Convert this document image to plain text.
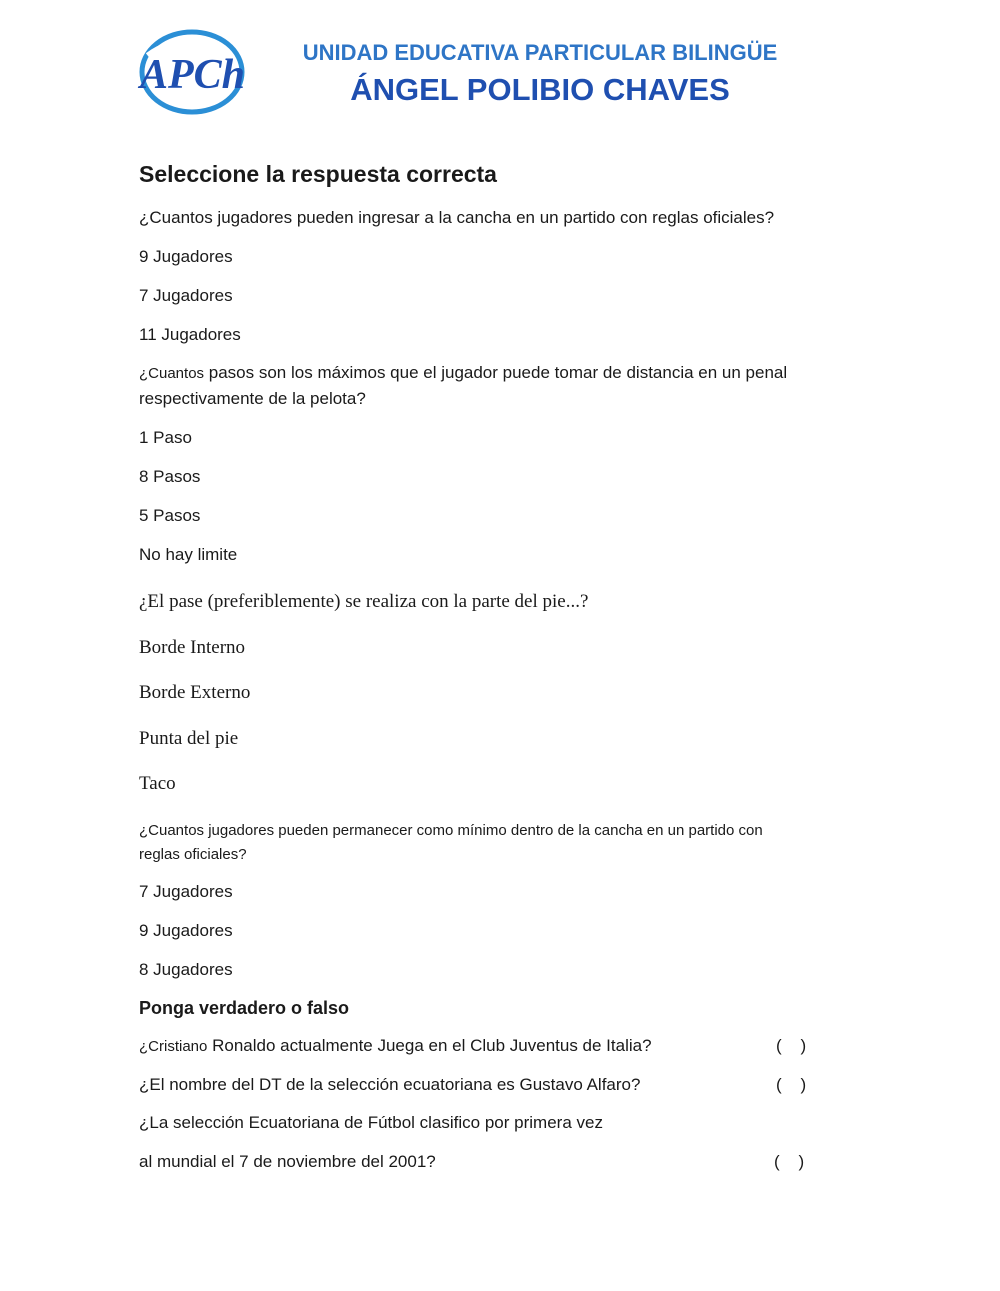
APCh	UNIDAD EDUCATIVA PARTICULAR BILINGÜE
ÁNGEL POLIBIO CHAVES
Seleccione la respuesta correcta
¿Cuantos jugadores pueden ingresar a la cancha en un partido con reglas oficiales?
9 Jugadores
7 Jugadores
11 Jugadores
¿Cuantos pasos son los máximos que el jugador puede tomar de distancia en un penal
respectivamente de la pelota?
1 Paso
8 Pasos
5 Pasos
No hay limite
¿El pase (preferiblemente) se realiza con la parte del pie...?
Borde Interno
Borde Externo
Punta del pie
Taco
¿Cuantos jugadores pueden permanecer como mínimo dentro de la cancha en un partido con
reglas oficiales?
7 Jugadores
9 Jugadores
8 Jugadores
Ponga verdadero o falso
¿Cristiano Ronaldo actualmente Juega en el Club Juventus de Italia?	(    )
¿El nombre del DT de la selección ecuatoriana es Gustavo Alfaro?	(    )
¿La selección Ecuatoriana de Fútbol clasifico por primera vez
al mundial el 7 de noviembre del 2001?	(    )
